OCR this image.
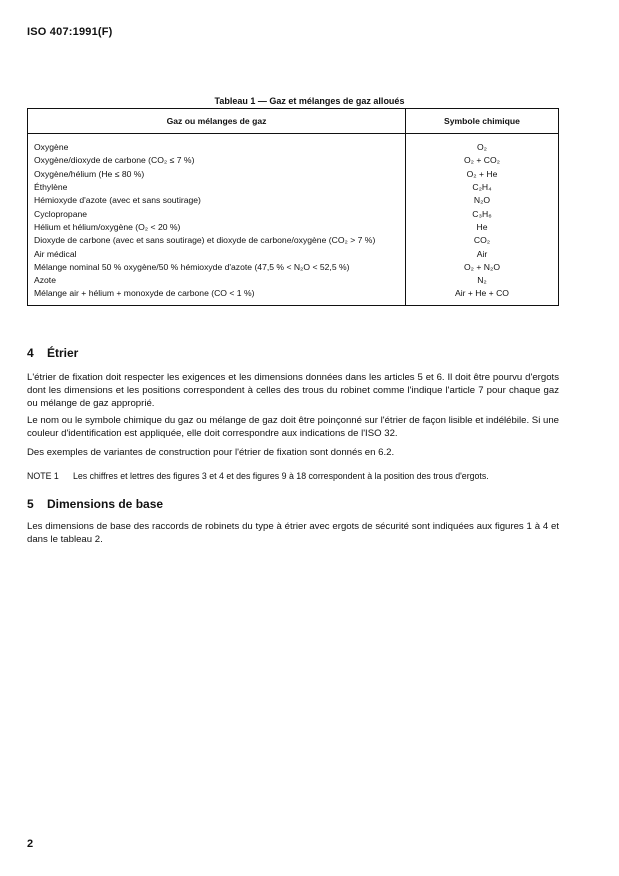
ISO 407:1991(F)
Tableau 1 — Gaz et mélanges de gaz alloués
Gaz ou mélanges de gaz	Symbole chimique
Oxygène	O₂
Oxygène/dioxyde de carbone (CO₂ ≤ 7 %)	O₂ + CO₂
Oxygène/hélium (He ≤ 80 %)	O₂ + He
Éthylène	C₂H₄
Hémioxyde d'azote (avec et sans soutirage)	N₂O
Cyclopropane	C₃H₆
Hélium et hélium/oxygène (O₂ < 20 %)	He
Dioxyde de carbone (avec et sans soutirage) et dioxyde de carbone/oxygène (CO₂ > 7 %)	CO₂
Air médical	Air
Mélange nominal 50 % oxygène/50 % hémioxyde d'azote (47,5 % < N₂O < 52,5 %)	O₂ + N₂O
Azote	N₂
Mélange air + hélium + monoxyde de carbone (CO < 1 %)	Air + He + CO
4 Étrier
L'étrier de fixation doit respecter les exigences et les dimensions données dans les articles 5 et 6. Il doit être pourvu d'ergots dont les dimensions et les positions correspondent à celles des trous du robinet comme l'indique l'article 7 pour chaque gaz ou mélange de gaz approprié.
Le nom ou le symbole chimique du gaz ou mélange de gaz doit être poinçonné sur l'étrier de façon lisible et indélébile. Si une couleur d'identification est appliquée, elle doit correspondre aux indications de l'ISO 32.
Des exemples de variantes de construction pour l'étrier de fixation sont donnés en 6.2.
NOTE 1 Les chiffres et lettres des figures 3 et 4 et des figures 9 à 18 correspondent à la position des trous d'ergots.
5 Dimensions de base
Les dimensions de base des raccords de robinets du type à étrier avec ergots de sécurité sont indiquées aux figures 1 à 4 et dans le tableau 2.
2
